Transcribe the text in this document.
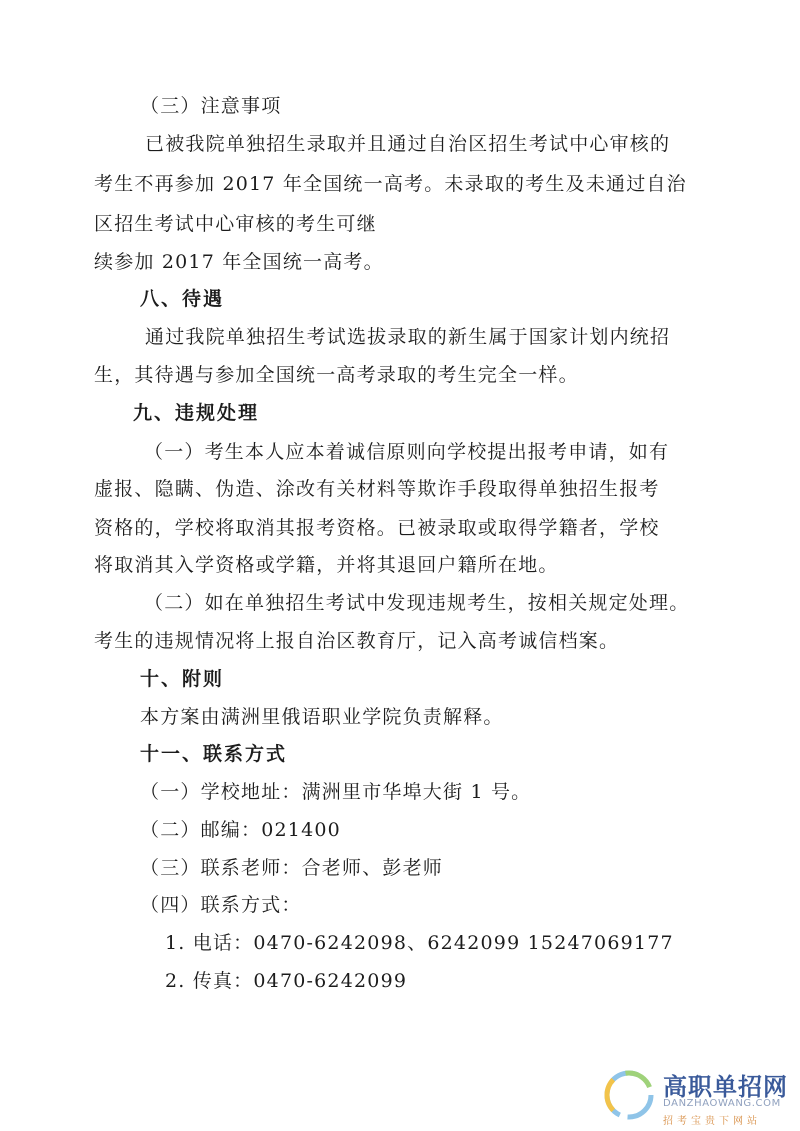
（三）注意事项
已被我院单独招生录取并且通过自治区招生考试中心审核的
考生不再参加 2017 年全国统一高考。未录取的考生及未通过自治
区招生考试中心审核的考生可继
续参加 2017 年全国统一高考。
八、待遇
通过我院单独招生考试选拔录取的新生属于国家计划内统招
生，其待遇与参加全国统一高考录取的考生完全一样。
九、违规处理
（一）考生本人应本着诚信原则向学校提出报考申请，如有
虚报、隐瞒、伪造、涂改有关材料等欺诈手段取得单独招生报考
资格的，学校将取消其报考资格。已被录取或取得学籍者，学校
将取消其入学资格或学籍，并将其退回户籍所在地。
（二）如在单独招生考试中发现违规考生，按相关规定处理。
考生的违规情况将上报自治区教育厅，记入高考诚信档案。
十、附则
本方案由满洲里俄语职业学院负责解释。
十一、联系方式
（一）学校地址：满洲里市华埠大街 1 号。
（二）邮编：021400
（三）联系老师：合老师、彭老师
（四）联系方式：
1. 电话：0470-6242098、6242099 15247069177
2. 传真：0470-6242099
高职单招网
DANZHAOWANG.COM
招考宝贵下网站
